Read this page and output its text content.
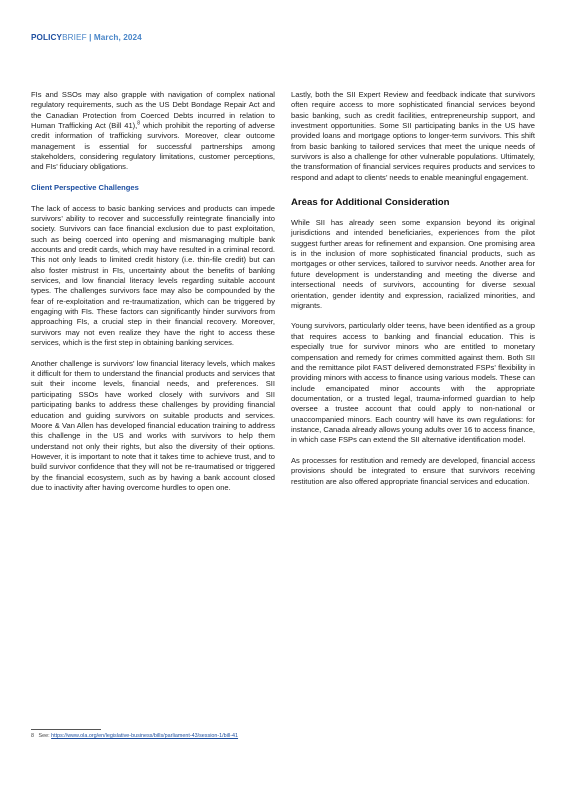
POLICYBRIEF | March, 2024

FIs and SSOs may also grapple with navigation of complex national regulatory requirements, such as the US Debt Bondage Repair Act and the Canadian Protection from Coerced Debts incurred in relation to Human Trafficking Act (Bill 41),$^8$ which prohibit the reporting of adverse credit information of trafficking survivors. Moreover, clear outcome management is essential for successful partnerships among stakeholders, considering regulatory limitations, customer perceptions, and FIs’ fiduciary obligations.

Client Perspective Challenges

The lack of access to basic banking services and products can impede survivors’ ability to recover and successfully reintegrate financially into society. Survivors can face financial exclusion due to past exploitation, such as being coerced into opening and mismanaging multiple bank accounts and credit cards, which may have resulted in a criminal record. This not only leads to limited credit history (i.e. thin-file credit) but can also foster mistrust in FIs, uncertainty about the benefits of banking services, and low financial literacy levels regarding suitable account types. The challenges survivors face may also be compounded by the fear of re-exploitation and re-traumatization, which can be triggered by engaging with FIs. These factors can significantly hinder survivors from approaching FIs, a crucial step in their financial recovery. Moreover, survivors may not even realize they have the right to access these services, which is the first step in obtaining banking services.

Another challenge is survivors’ low financial literacy levels, which makes it difficult for them to understand the financial products and services that suit their income levels, financial needs, and preferences. SII participating SSOs have worked closely with survivors and SII participating banks to address these challenges by providing financial education and guiding survivors on suitable products and services. Moore & Van Allen has developed financial education training to address this challenge in the US and works with survivors to help them understand not only their rights, but also the diversity of their options. However, it is important to note that it takes time to achieve trust, and to build survivor confidence that they will not be re-traumatised or triggered by the financial ecosystem, such as by having a bank account closed due to inactivity after having overcome hurdles to open one.

Lastly, both the SII Expert Review and feedback indicate that survivors often require access to more sophisticated financial services beyond basic banking, such as credit facilities, entrepreneurship support, and investment opportunities. Some SII participating banks in the US have provided loans and mortgage options to longer-term survivors. This shift from basic banking to tailored services that meet the unique needs of survivors is also a challenge for other vulnerable populations. Ultimately, the transformation of financial services requires products and services to respond and adapt to clients’ needs to enable meaningful engagement.

Areas for Additional Consideration

While SII has already seen some expansion beyond its original jurisdictions and intended beneficiaries, experiences from the pilot suggest further areas for refinement and expansion. One promising area is in the inclusion of more sophisticated financial products, such as mortgages or other services, tailored to survivor needs. Another area for future development is understanding and meeting the diverse and intersectional needs of survivors, accounting for diverse sexual orientation, gender identity and expression, racialized minorities, and migrants.

Young survivors, particularly older teens, have been identified as a group that requires access to banking and financial education. This is especially true for survivor minors who are entitled to monetary compensation and remedy for crimes committed against them. Both SII and the remittance pilot FAST delivered demonstrated FSPs’ flexibility in providing minors with access to finance using various models. These can include emancipated minor accounts with the appropriate documentation, or a trusted legal, trauma-informed guardian to help oversee a trustee account that could apply to non-national or unaccompanied minors. Each country will have its own regulations: for instance, Canada already allows young adults over 16 to access finance, in which case FSPs can extend the SII alternative identification model.

As processes for restitution and remedy are developed, financial access provisions should be integrated to ensure that survivors receiving restitution are also offered appropriate financial services and education.

8 See: https://www.ola.org/en/legislative-business/bills/parliament-43/session-1/bill-41
